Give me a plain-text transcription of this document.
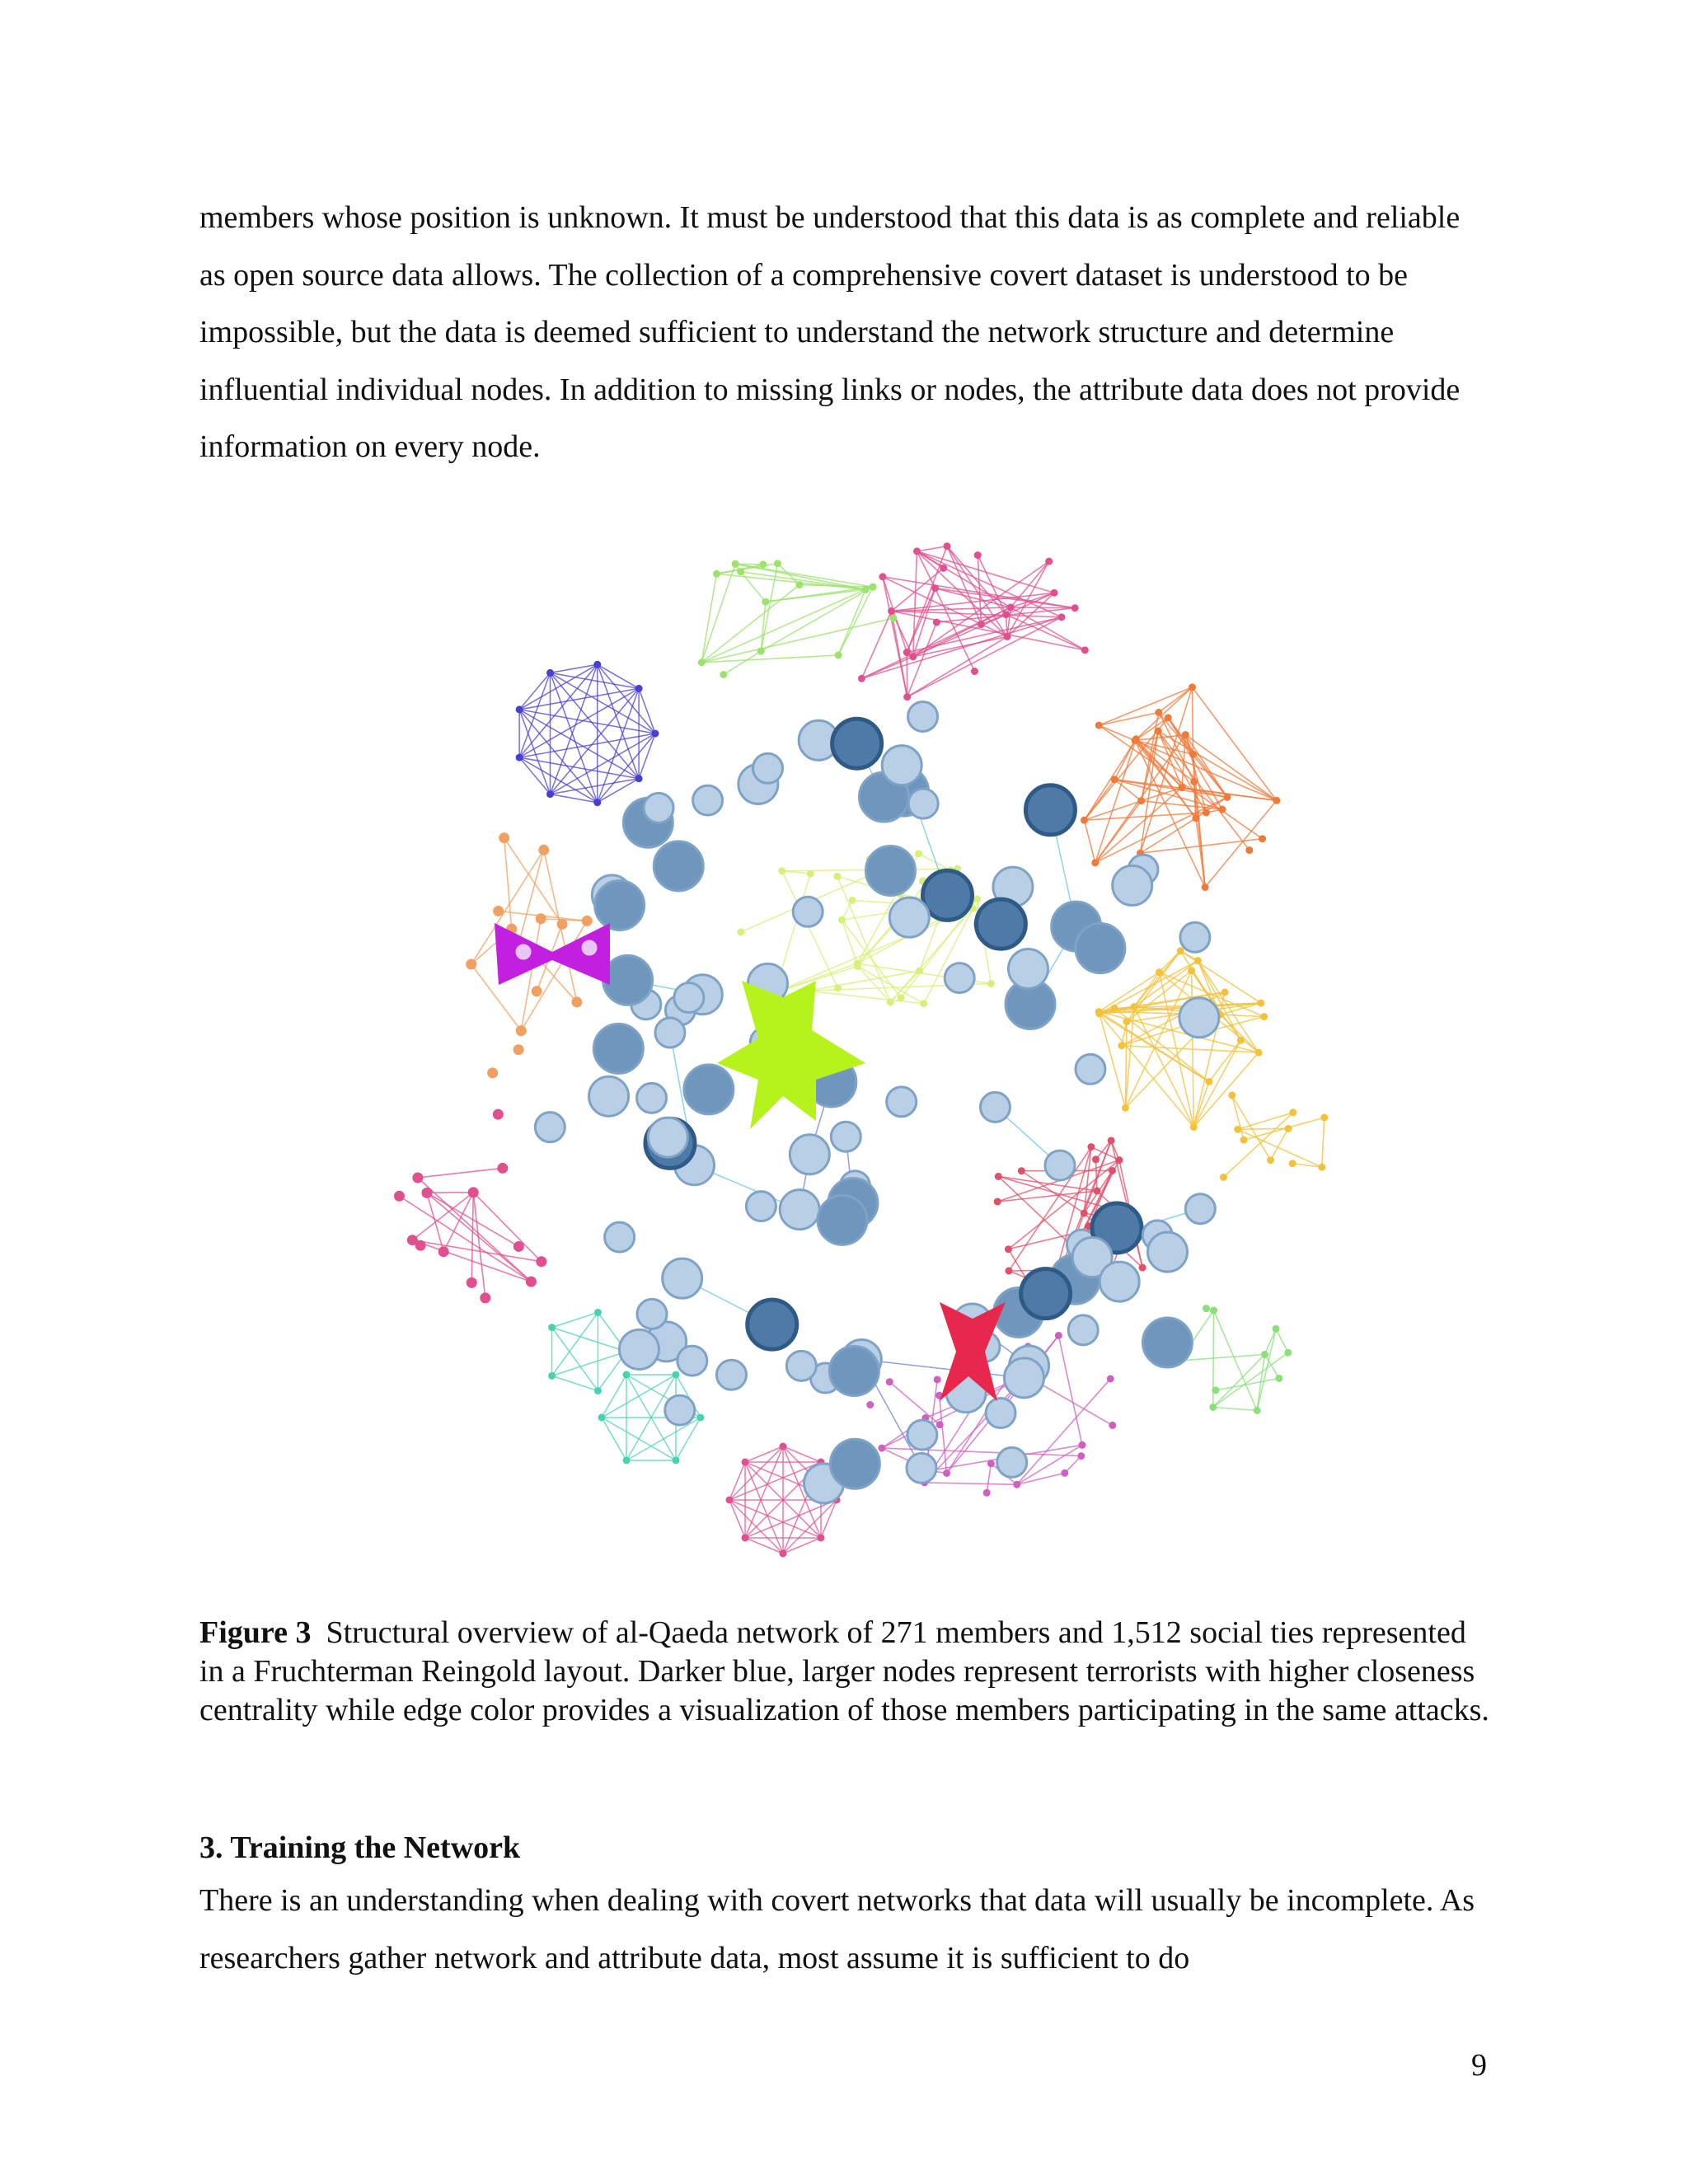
members whose position is unknown. It must be understood that this data is as complete and reliable as open source data allows. The collection of a comprehensive covert dataset is understood to be impossible, but the data is deemed sufficient to understand the network structure and determine influential individual nodes. In addition to missing links or nodes, the attribute data does not provide information on every node.

Figure 3 Structural overview of al-Qaeda network of 271 members and 1,512 social ties represented in a Fruchterman Reingold layout. Darker blue, larger nodes represent terrorists with higher closeness centrality while edge color provides a visualization of those members participating in the same attacks.

3. Training the Network

There is an understanding when dealing with covert networks that data will usually be incomplete. As researchers gather network and attribute data, most assume it is sufficient to do

9
